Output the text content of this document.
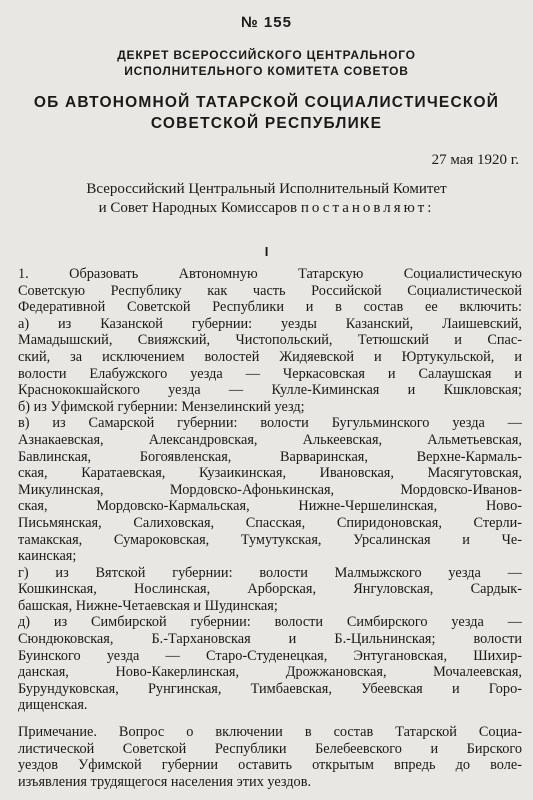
№ 155
ДЕКРЕТ ВСЕРОССИЙСКОГО ЦЕНТРАЛЬНОГО
ИСПОЛНИТЕЛЬНОГО КОМИТЕТА СОВЕТОВ
ОБ АВТОНОМНОЙ ТАТАРСКОЙ СОЦИАЛИСТИЧЕСКОЙ
СОВЕТСКОЙ РЕСПУБЛИКЕ
27 мая 1920 г.
Всероссийский Центральный Исполнительный Комитет
и Совет Народных Комиссаров постановляют:
I
1. Образовать Автономную Татарскую Социалистическую
Советскую Республику как часть Российской Социалистической
Федеративной Советской Республики и в состав ее включить:
а) из Казанской губернии: уезды Казанский, Лаишевский,
Мамадышский, Свияжский, Чистопольский, Тетюшский и Спас-
ский, за исключением волостей Жидяевской и Юртукульской, и
волости Елабужского уезда — Черкасовская и Салаушская и
Краснококшайского уезда — Кулле-Киминская и Кшкловская;
б) из Уфимской губернии: Мензелинский уезд;
в) из Самарской губернии: волости Бугульминского уезда —
Азнакаевская, Александровская, Алькеевская, Альметьевская,
Бавлинская, Богоявленская, Варваринская, Верхне-Кармаль-
ская, Каратаевская, Кузаикинская, Ивановская, Масягутовская,
Микулинская, Мордовско-Афонькинская, Мордовско-Иванов-
ская, Мордовско-Кармальская, Нижне-Чершелинская, Ново-
Письмянская, Салиховская, Спасская, Спиридоновская, Стерли-
тамакская, Сумароковская, Тумутукская, Урсалинская и Че-
каинская;
г) из Вятской губернии: волости Малмыжского уезда —
Кошкинская, Нослинская, Арборская, Янгуловская, Сардык-
башская, Нижне-Четаевская и Шудинская;
д) из Симбирской губернии: волости Симбирского уезда —
Сюндюковская, Б.-Тархановская и Б.-Цильнинская; волости
Буинского уезда — Старо-Студенецкая, Энтугановская, Шихир-
данская, Ново-Какерлинская, Дрожжановская, Мочалеевская,
Бурундуковская, Рунгинская, Тимбаевская, Убеевская и Горо-
дищенская.
Примечание. Вопрос о включении в состав Татарской Социа-
листической Советской Республики Белебеевского и Бирского
уездов Уфимской губернии оставить открытым впредь до воле-
изъявления трудящегося населения этих уездов.
